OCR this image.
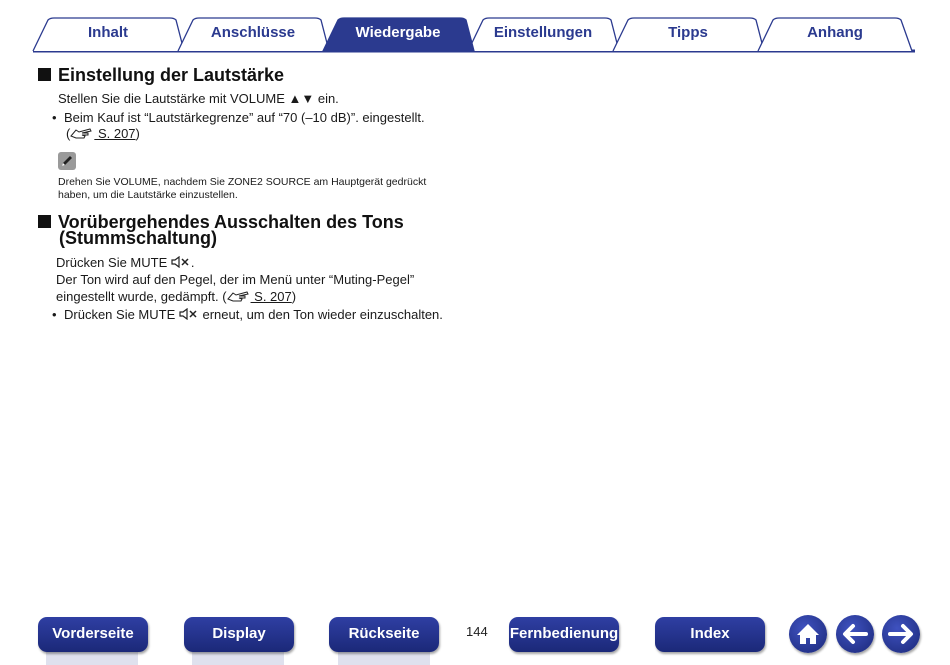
Inhalt	Anschlüsse	Wiedergabe	Einstellungen	Tipps	Anhang
Einstellung der Lautstärke
Stellen Sie die Lautstärke mit VOLUME ▲▼ ein.
• Beim Kauf ist “Lautstärkegrenze” auf “70 (–10 dB)”. eingestellt.
( S. 207)
Drehen Sie VOLUME, nachdem Sie ZONE2 SOURCE am Hauptgerät gedrückt
haben, um die Lautstärke einzustellen.
Vorübergehendes Ausschalten des Tons
(Stummschaltung)
Drücken Sie MUTE .
Der Ton wird auf den Pegel, der im Menü unter “Muting-Pegel”
eingestellt wurde, gedämpft. ( S. 207)
• Drücken Sie MUTE  erneut, um den Ton wieder einzuschalten.
Vorderseite	Display	Rückseite	144 Fernbedienung	Index
